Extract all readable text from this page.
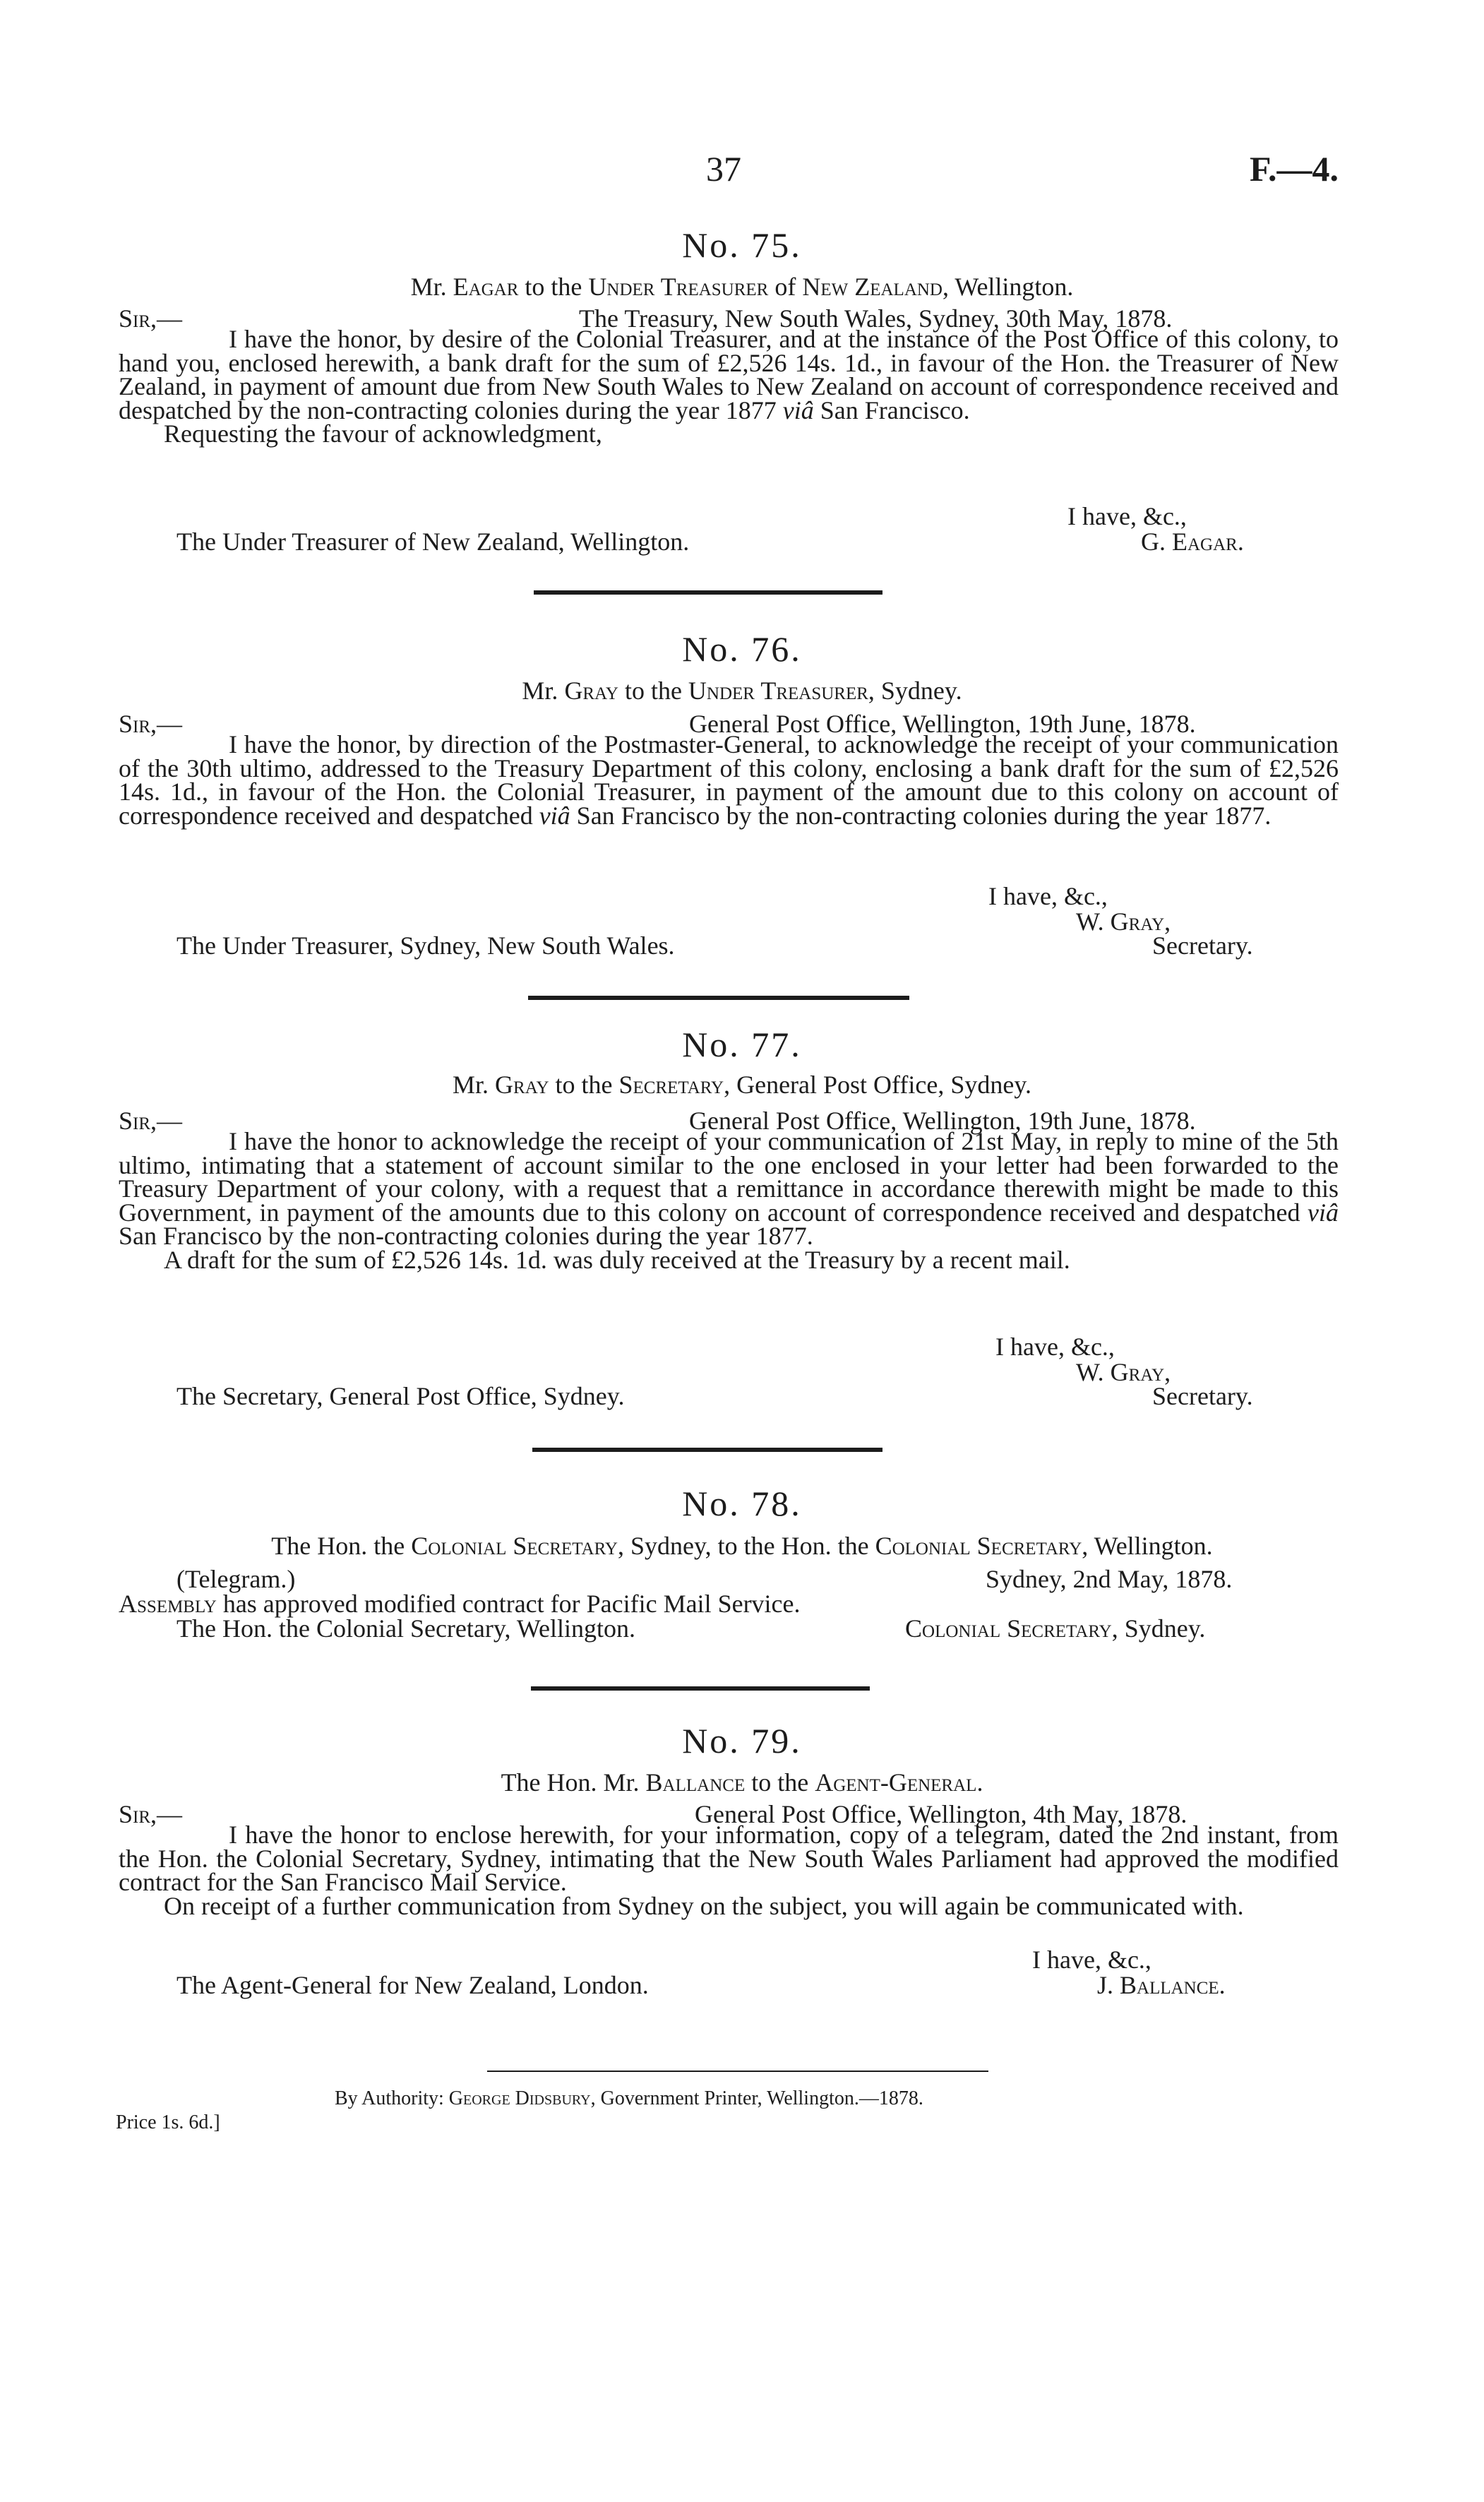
37	F.—4.
No. 75.
Mr. Eagar to the Under Treasurer of New Zealand, Wellington.
Sir,—	The Treasury, New South Wales, Sydney, 30th May, 1878.

I have the honor, by desire of the Colonial Treasurer, and at the instance of the Post Office of this colony, to hand you, enclosed herewith, a bank draft for the sum of £2,526 14s. 1d., in favour of the Hon. the Treasurer of New Zealand, in payment of amount due from New South Wales to New Zealand on account of correspondence received and despatched by the non-contracting colonies during the year 1877 viâ San Francisco.

Requesting the favour of acknowledgment,

I have, &c.,
The Under Treasurer of New Zealand, Wellington.	G. Eagar.
No. 76.
Mr. Gray to the Under Treasurer, Sydney.
Sir,—	General Post Office, Wellington, 19th June, 1878.

I have the honor, by direction of the Postmaster-General, to acknowledge the receipt of your communication of the 30th ultimo, addressed to the Treasury Department of this colony, enclosing a bank draft for the sum of £2,526 14s. 1d., in favour of the Hon. the Colonial Treasurer, in payment of the amount due to this colony on account of correspondence received and despatched viâ San Francisco by the non-contracting colonies during the year 1877.

I have, &c.,
W. Gray,
The Under Treasurer, Sydney, New South Wales.	Secretary.
No. 77.
Mr. Gray to the Secretary, General Post Office, Sydney.
Sir,—	General Post Office, Wellington, 19th June, 1878.

I have the honor to acknowledge the receipt of your communication of 21st May, in reply to mine of the 5th ultimo, intimating that a statement of account similar to the one enclosed in your letter had been forwarded to the Treasury Department of your colony, with a request that a remittance in accordance therewith might be made to this Government, in payment of the amounts due to this colony on account of correspondence received and despatched viâ San Francisco by the non-contracting colonies during the year 1877.

A draft for the sum of £2,526 14s. 1d. was duly received at the Treasury by a recent mail.

I have, &c.,
W. Gray,
The Secretary, General Post Office, Sydney.	Secretary.
No. 78.
The Hon. the Colonial Secretary, Sydney, to the Hon. the Colonial Secretary, Wellington.
(Telegram.)	Sydney, 2nd May, 1878.
Assembly has approved modified contract for Pacific Mail Service.
The Hon. the Colonial Secretary, Wellington.	Colonial Secretary, Sydney.
No. 79.
The Hon. Mr. Ballance to the Agent-General.
Sir,—	General Post Office, Wellington, 4th May, 1878.

I have the honor to enclose herewith, for your information, copy of a telegram, dated the 2nd instant, from the Hon. the Colonial Secretary, Sydney, intimating that the New South Wales Parliament had approved the modified contract for the San Francisco Mail Service.

On receipt of a further communication from Sydney on the subject, you will again be communicated with.

I have, &c.,
The Agent-General for New Zealand, London.	J. Ballance.
By Authority: George Didsbury, Government Printer, Wellington.—1878.
Price 1s. 6d.]
